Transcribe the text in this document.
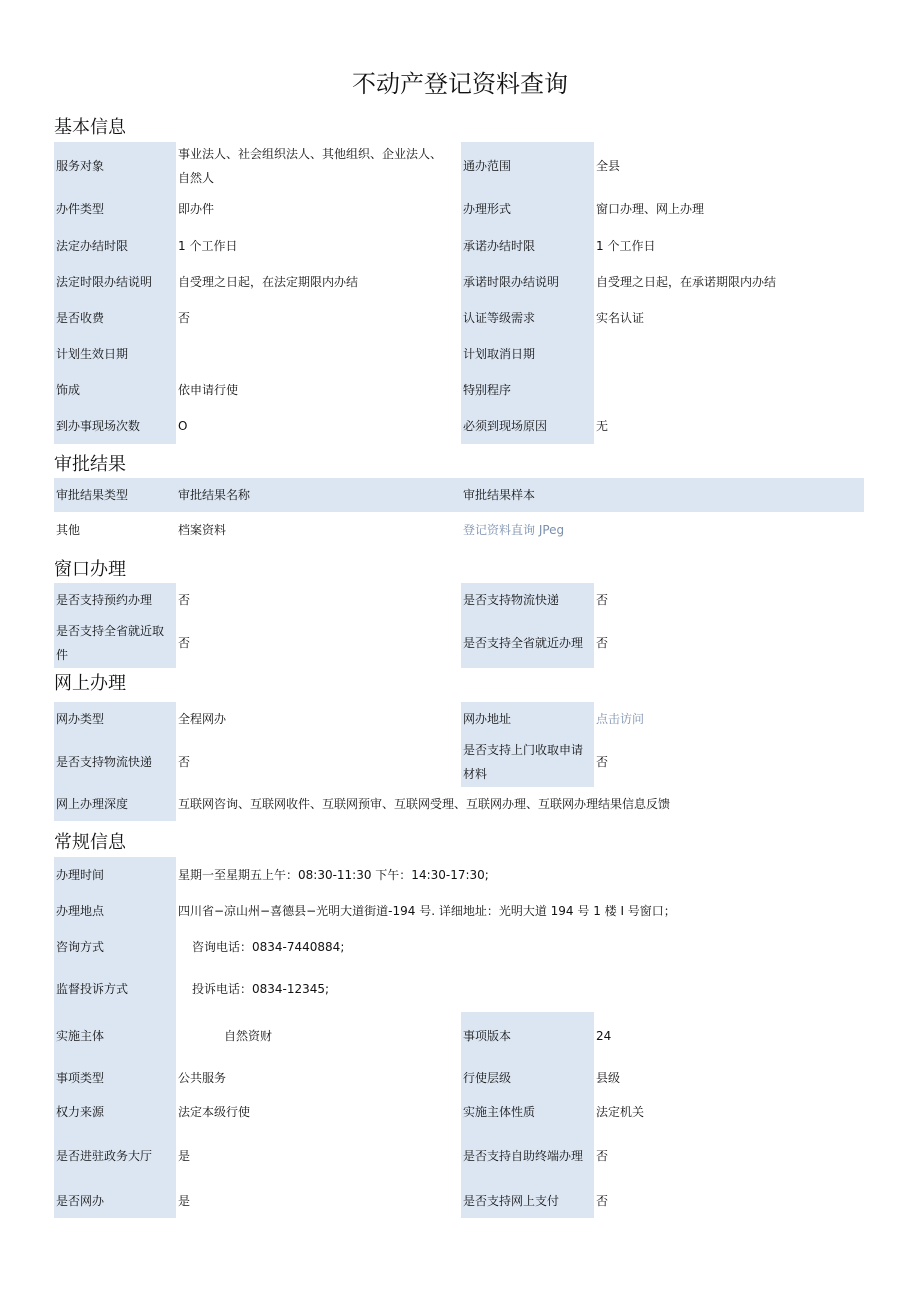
不动产登记资料查询
基本信息
服务对象	事业法人、社会组织法人、其他组织、企业法人、自然人	通办范围	全县
办件类型	即办件	办理形式	窗口办理、网上办理
法定办结时限	1 个工作日	承诺办结时限	1 个工作日
法定时限办结说明	自受理之日起，在法定期限内办结	承诺时限办结说明	自受理之日起，在承诺期限内办结
是否收费	否	认证等级需求	实名认证
计划生效日期		计划取消日期	
饰成	依申请行使	特别程序	
到办事现场次数	O	必须到现场原因	无
审批结果
审批结果类型	审批结果名称	审批结果样本
其他	档案资料	登记资料直询 JPeg
窗口办理
是否支持预约办理	否	是否支持物流快递	否
是否支持全省就近取件	否	是否支持全省就近办理	否
网上办理
网办类型	全程网办	网办地址	点击访问
是否支持物流快递	否	是否支持上门收取申请材料	否
网上办理深度	互联网咨询、互联网收件、互联网预审、互联网受理、互联网办理、互联网办理结果信息反馈		
常规信息
办理时间	星期一至星期五上午：08:30-11:30 下午：14:30-17:30;
办理地点	四川省−凉山州−喜德县−光明大道街道-194 号. 详细地址：光明大道 194 号 1 楼 I 号窗口；
咨询方式	咨询电话：0834-7440884;
监督投诉方式	投诉电话：0834-12345;
实施主体	自然资财	事项版本	24
事项类型	公共服务	行使层级	县级
权力来源	法定本级行使	实施主体性质	法定机关
是否进驻政务大厅	是	是否支持自助终端办理	否
是否网办	是	是否支持网上支付	否
